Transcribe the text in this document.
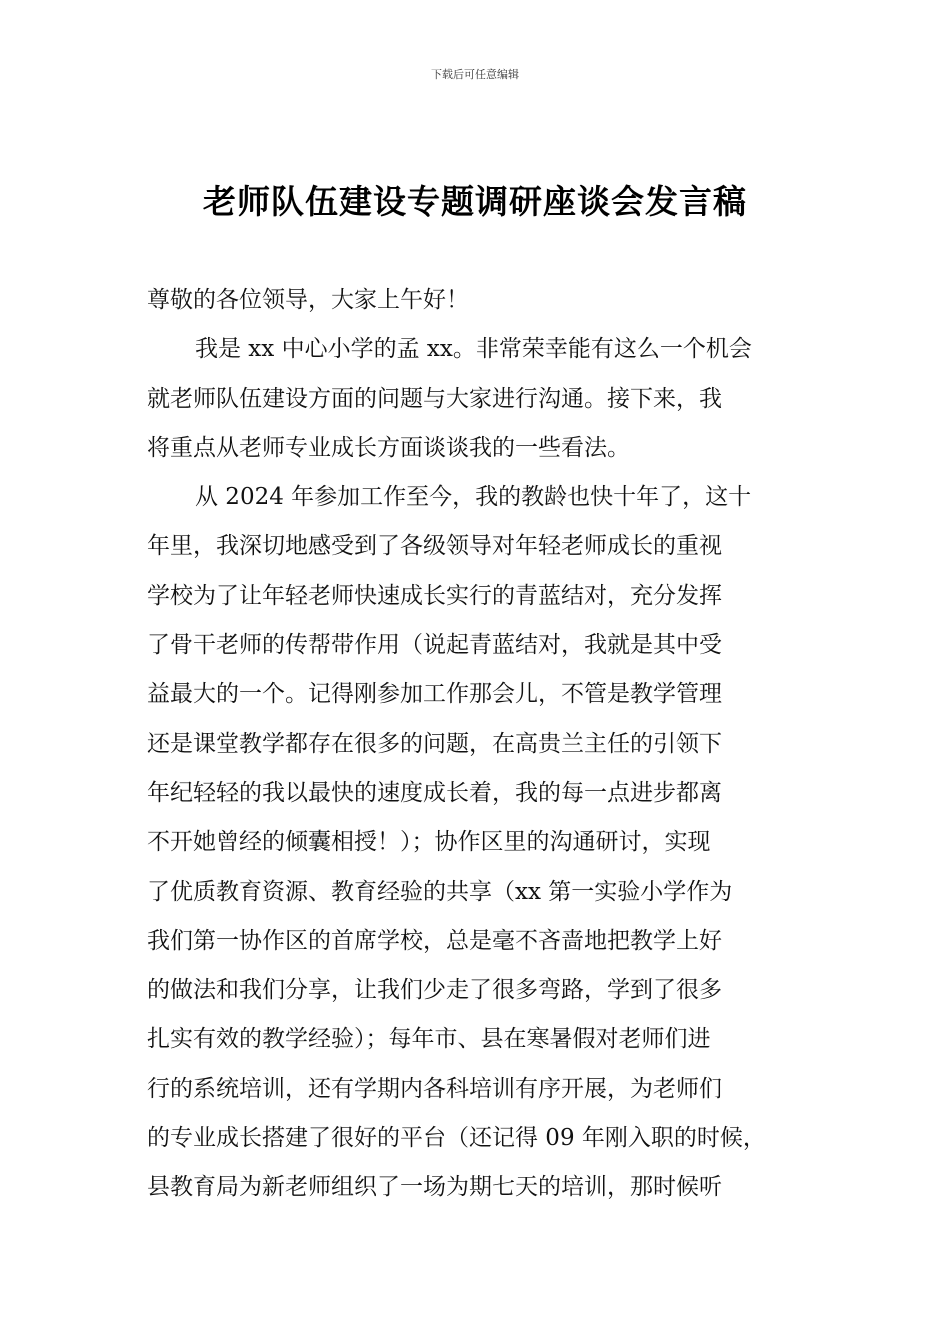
下载后可任意编辑
老师队伍建设专题调研座谈会发言稿
尊敬的各位领导，大家上午好！
我是 xx 中心小学的孟 xx。非常荣幸能有这么一个机会
就老师队伍建设方面的问题与大家进行沟通。接下来，我
将重点从老师专业成长方面谈谈我的一些看法。
从 2024 年参加工作至今，我的教龄也快十年了，这十
年里，我深切地感受到了各级领导对年轻老师成长的重视
学校为了让年轻老师快速成长实行的青蓝结对，充分发挥
了骨干老师的传帮带作用（说起青蓝结对，我就是其中受
益最大的一个。记得刚参加工作那会儿，不管是教学管理
还是课堂教学都存在很多的问题，在高贵兰主任的引领下
年纪轻轻的我以最快的速度成长着，我的每一点进步都离
不开她曾经的倾囊相授！）；协作区里的沟通研讨，实现
了优质教育资源、教育经验的共享（xx 第一实验小学作为
我们第一协作区的首席学校，总是毫不吝啬地把教学上好
的做法和我们分享，让我们少走了很多弯路，学到了很多
扎实有效的教学经验）；每年市、县在寒暑假对老师们进
行的系统培训，还有学期内各科培训有序开展，为老师们
的专业成长搭建了很好的平台（还记得 09 年刚入职的时候，
县教育局为新老师组织了一场为期七天的培训，那时候听
